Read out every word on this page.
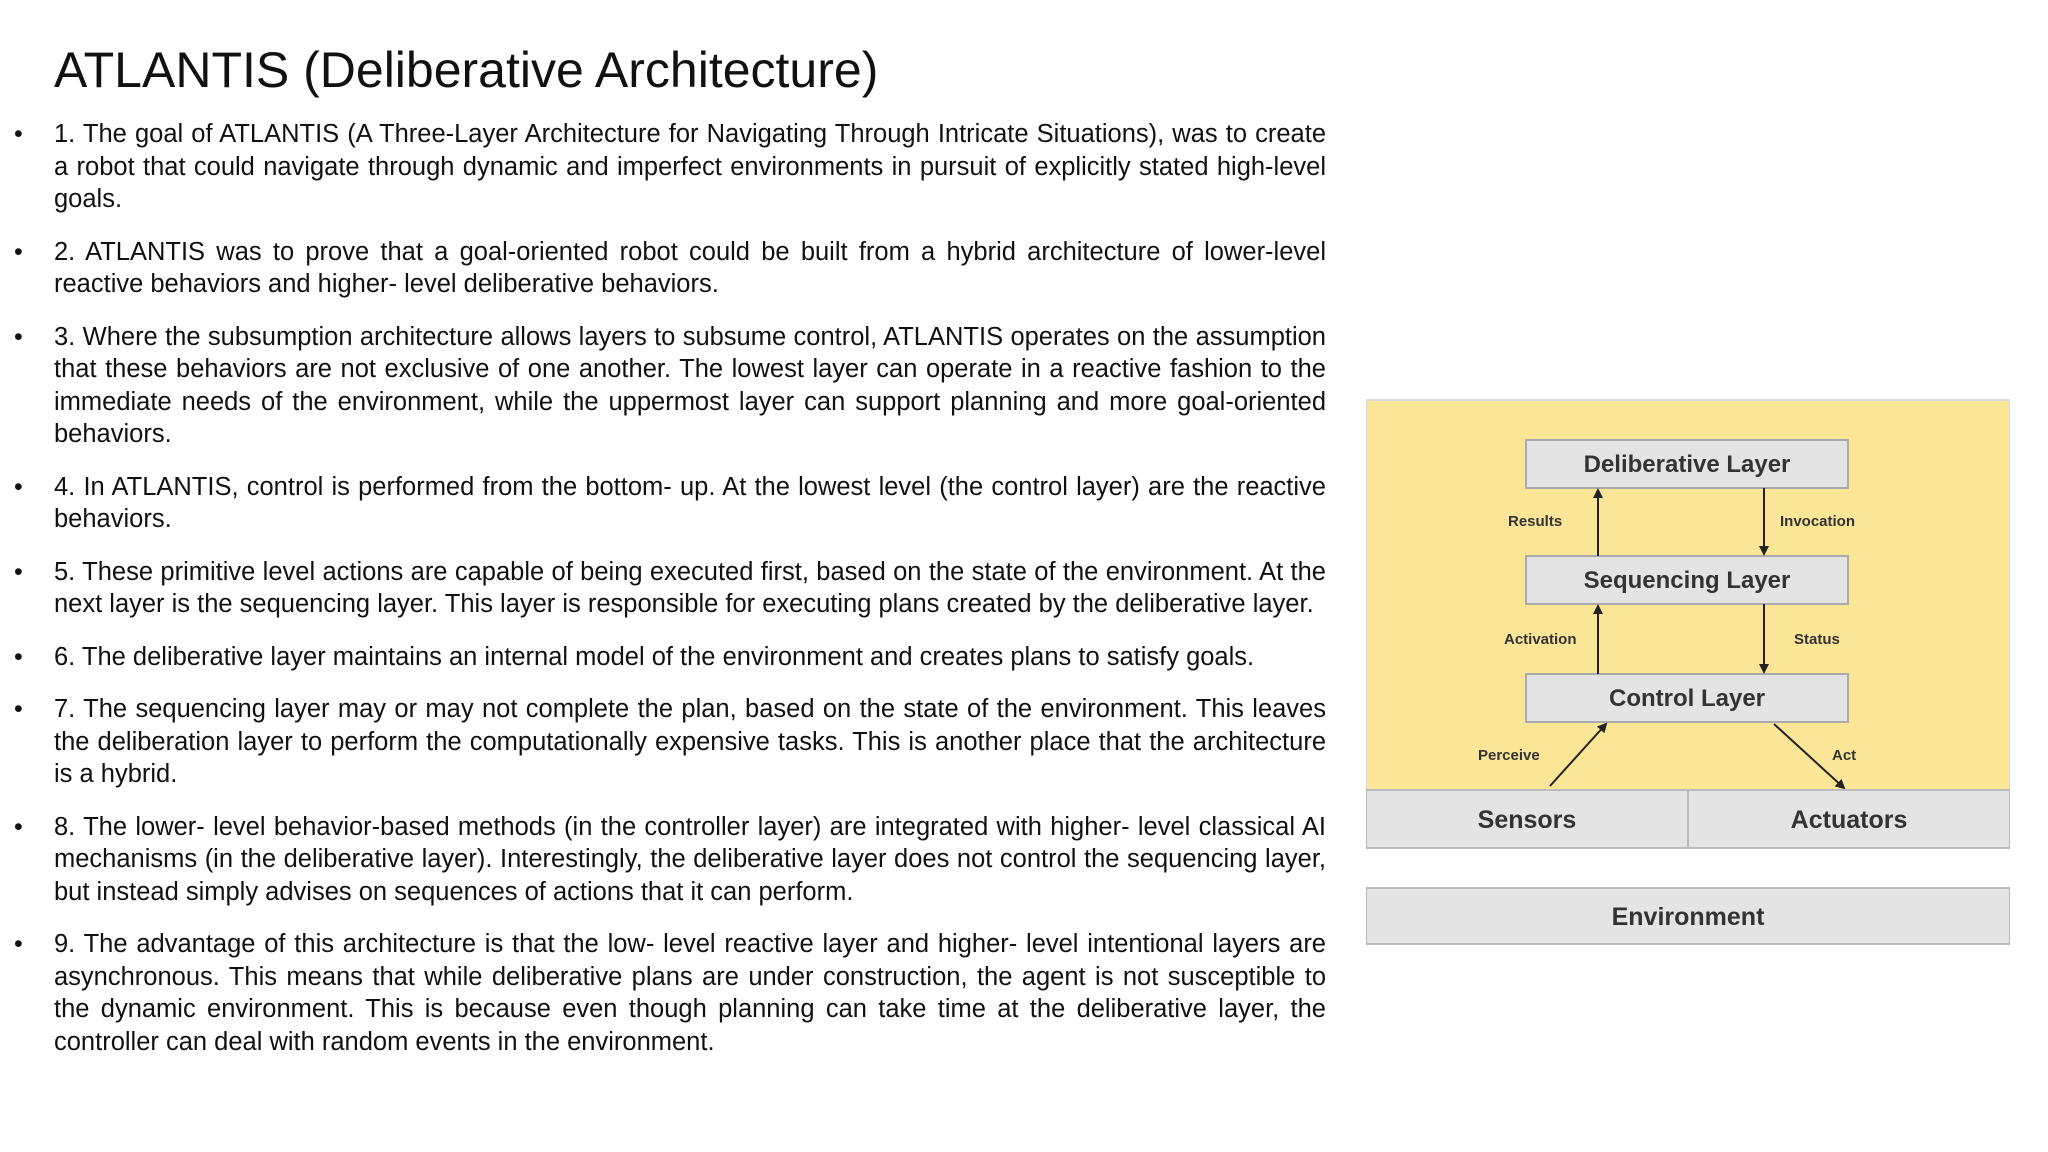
ATLANTIS (Deliberative Architecture)
• 1. The goal of ATLANTIS (A Three-Layer Architecture for Navigating Through Intricate Situations), was to create a robot that could navigate through dynamic and imperfect environments in pursuit of explicitly stated high-level goals.
• 2. ATLANTIS was to prove that a goal-oriented robot could be built from a hybrid architecture of lower-level reactive behaviors and higher- level deliberative behaviors.
• 3. Where the subsumption architecture allows layers to subsume control, ATLANTIS operates on the assumption that these behaviors are not exclusive of one another. The lowest layer can operate in a reactive fashion to the immediate needs of the environment, while the uppermost layer can support planning and more goal-oriented behaviors.
• 4. In ATLANTIS, control is performed from the bottom- up. At the lowest level (the control layer) are the reactive behaviors.
• 5. These primitive level actions are capable of being executed first, based on the state of the environment. At the next layer is the sequencing layer. This layer is responsible for executing plans created by the deliberative layer.
• 6. The deliberative layer maintains an internal model of the environment and creates plans to satisfy goals.
• 7. The sequencing layer may or may not complete the plan, based on the state of the environment. This leaves the deliberation layer to perform the computationally expensive tasks. This is another place that the architecture is a hybrid.
• 8. The lower- level behavior-based methods (in the controller layer) are integrated with higher- level classical AI mechanisms (in the deliberative layer). Interestingly, the deliberative layer does not control the sequencing layer, but instead simply advises on sequences of actions that it can perform.
• 9. The advantage of this architecture is that the low- level reactive layer and higher- level intentional layers are asynchronous. This means that while deliberative plans are under construction, the agent is not susceptible to the dynamic environment. This is because even though planning can take time at the deliberative layer, the controller can deal with random events in the environment.
Deliberative Layer
Sequencing Layer
Control Layer
Results	Invocation
Activation	Status
Perceive	Act
Sensors	Actuators
Environment
